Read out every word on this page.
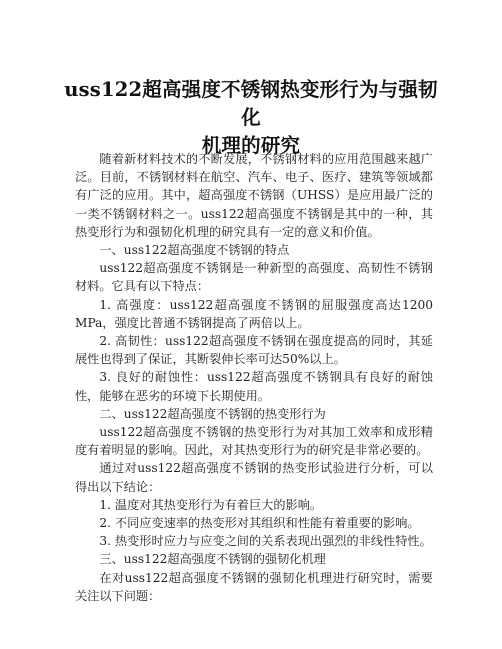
uss122超高强度不锈钢热变形行为与强韧化
机理的研究

随着新材料技术的不断发展，不锈钢材料的应用范围越来越广泛。目前，不锈钢材料在航空、汽车、电子、医疗、建筑等领域都有广泛的应用。其中，超高强度不锈钢（UHSS）是应用最广泛的一类不锈钢材料之一。uss122超高强度不锈钢是其中的一种，其热变形行为和强韧化机理的研究具有一定的意义和价值。

一、uss122超高强度不锈钢的特点

uss122超高强度不锈钢是一种新型的高强度、高韧性不锈钢材料。它具有以下特点：

1. 高强度：uss122超高强度不锈钢的屈服强度高达1200 MPa，强度比普通不锈钢提高了两倍以上。

2. 高韧性：uss122超高强度不锈钢在强度提高的同时，其延展性也得到了保证，其断裂伸长率可达50%以上。

3. 良好的耐蚀性：uss122超高强度不锈钢具有良好的耐蚀性，能够在恶劣的环境下长期使用。

二、uss122超高强度不锈钢的热变形行为

uss122超高强度不锈钢的热变形行为对其加工效率和成形精度有着明显的影响。因此，对其热变形行为的研究是非常必要的。

通过对uss122超高强度不锈钢的热变形试验进行分析，可以得出以下结论：

1. 温度对其热变形行为有着巨大的影响。

2. 不同应变速率的热变形对其组织和性能有着重要的影响。

3. 热变形时应力与应变之间的关系表现出强烈的非线性特性。

三、uss122超高强度不锈钢的强韧化机理

在对uss122超高强度不锈钢的强韧化机理进行研究时，需要关注以下问题：
